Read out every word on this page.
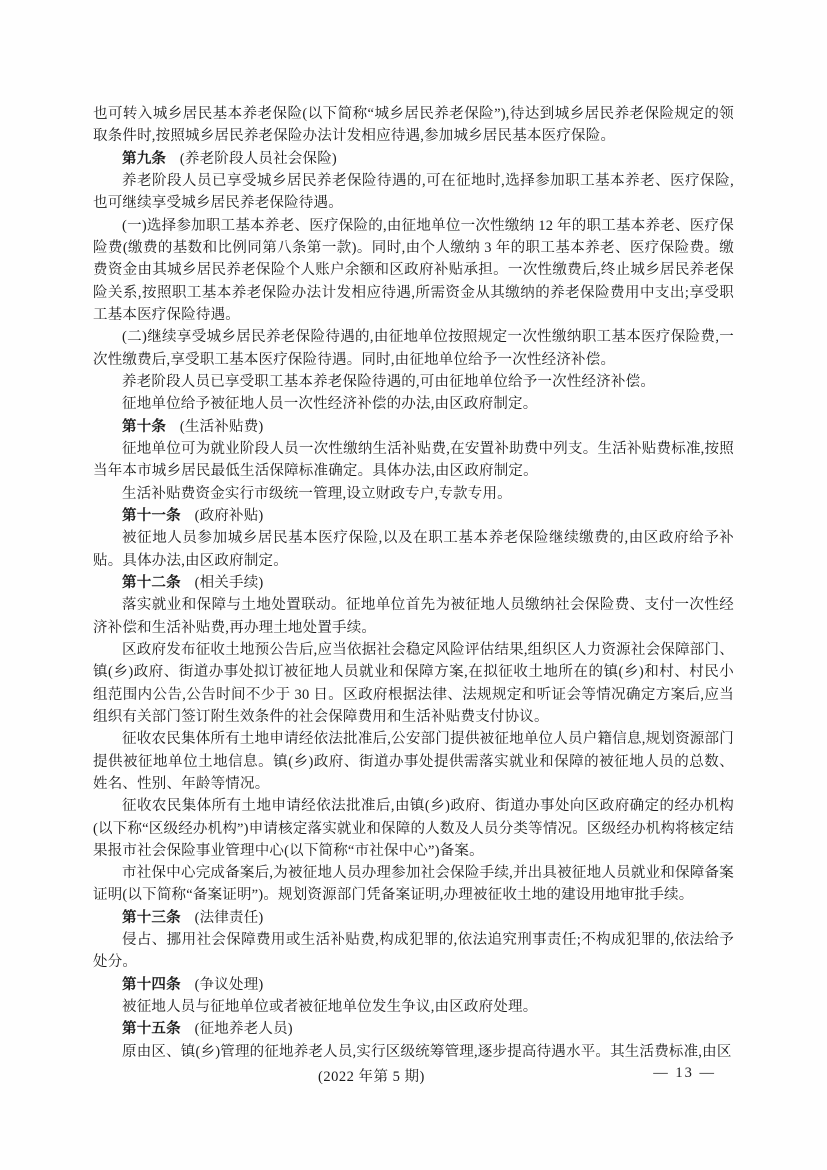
也可转入城乡居民基本养老保险(以下简称“城乡居民养老保险”),待达到城乡居民养老保险规定的领取条件时,按照城乡居民养老保险办法计发相应待遇,参加城乡居民基本医疗保险。

第九条 (养老阶段人员社会保险)

养老阶段人员已享受城乡居民养老保险待遇的,可在征地时,选择参加职工基本养老、医疗保险,也可继续享受城乡居民养老保险待遇。

(一)选择参加职工基本养老、医疗保险的,由征地单位一次性缴纳 12 年的职工基本养老、医疗保险费(缴费的基数和比例同第八条第一款)。同时,由个人缴纳 3 年的职工基本养老、医疗保险费。缴费资金由其城乡居民养老保险个人账户余额和区政府补贴承担。一次性缴费后,终止城乡居民养老保险关系,按照职工基本养老保险办法计发相应待遇,所需资金从其缴纳的养老保险费用中支出;享受职工基本医疗保险待遇。

(二)继续享受城乡居民养老保险待遇的,由征地单位按照规定一次性缴纳职工基本医疗保险费,一次性缴费后,享受职工基本医疗保险待遇。同时,由征地单位给予一次性经济补偿。

养老阶段人员已享受职工基本养老保险待遇的,可由征地单位给予一次性经济补偿。

征地单位给予被征地人员一次性经济补偿的办法,由区政府制定。

第十条 (生活补贴费)

征地单位可为就业阶段人员一次性缴纳生活补贴费,在安置补助费中列支。生活补贴费标准,按照当年本市城乡居民最低生活保障标准确定。具体办法,由区政府制定。

生活补贴费资金实行市级统一管理,设立财政专户,专款专用。

第十一条 (政府补贴)

被征地人员参加城乡居民基本医疗保险,以及在职工基本养老保险继续缴费的,由区政府给予补贴。具体办法,由区政府制定。

第十二条 (相关手续)

落实就业和保障与土地处置联动。征地单位首先为被征地人员缴纳社会保险费、支付一次性经济补偿和生活补贴费,再办理土地处置手续。

区政府发布征收土地预公告后,应当依据社会稳定风险评估结果,组织区人力资源社会保障部门、镇(乡)政府、街道办事处拟订被征地人员就业和保障方案,在拟征收土地所在的镇(乡)和村、村民小组范围内公告,公告时间不少于 30 日。区政府根据法律、法规规定和听证会等情况确定方案后,应当组织有关部门签订附生效条件的社会保障费用和生活补贴费支付协议。

征收农民集体所有土地申请经依法批准后,公安部门提供被征地单位人员户籍信息,规划资源部门提供被征地单位土地信息。镇(乡)政府、街道办事处提供需落实就业和保障的被征地人员的总数、姓名、性别、年龄等情况。

征收农民集体所有土地申请经依法批准后,由镇(乡)政府、街道办事处向区政府确定的经办机构(以下称“区级经办机构”)申请核定落实就业和保障的人数及人员分类等情况。区级经办机构将核定结果报市社会保险事业管理中心(以下简称“市社保中心”)备案。

市社保中心完成备案后,为被征地人员办理参加社会保险手续,并出具被征地人员就业和保障备案证明(以下简称“备案证明”)。规划资源部门凭备案证明,办理被征收土地的建设用地审批手续。

第十三条 (法律责任)

侵占、挪用社会保障费用或生活补贴费,构成犯罪的,依法追究刑事责任;不构成犯罪的,依法给予处分。

第十四条 (争议处理)

被征地人员与征地单位或者被征地单位发生争议,由区政府处理。

第十五条 (征地养老人员)

原由区、镇(乡)管理的征地养老人员,实行区级统筹管理,逐步提高待遇水平。其生活费标准,由区

(2022 年第 5 期)	— 13 —
